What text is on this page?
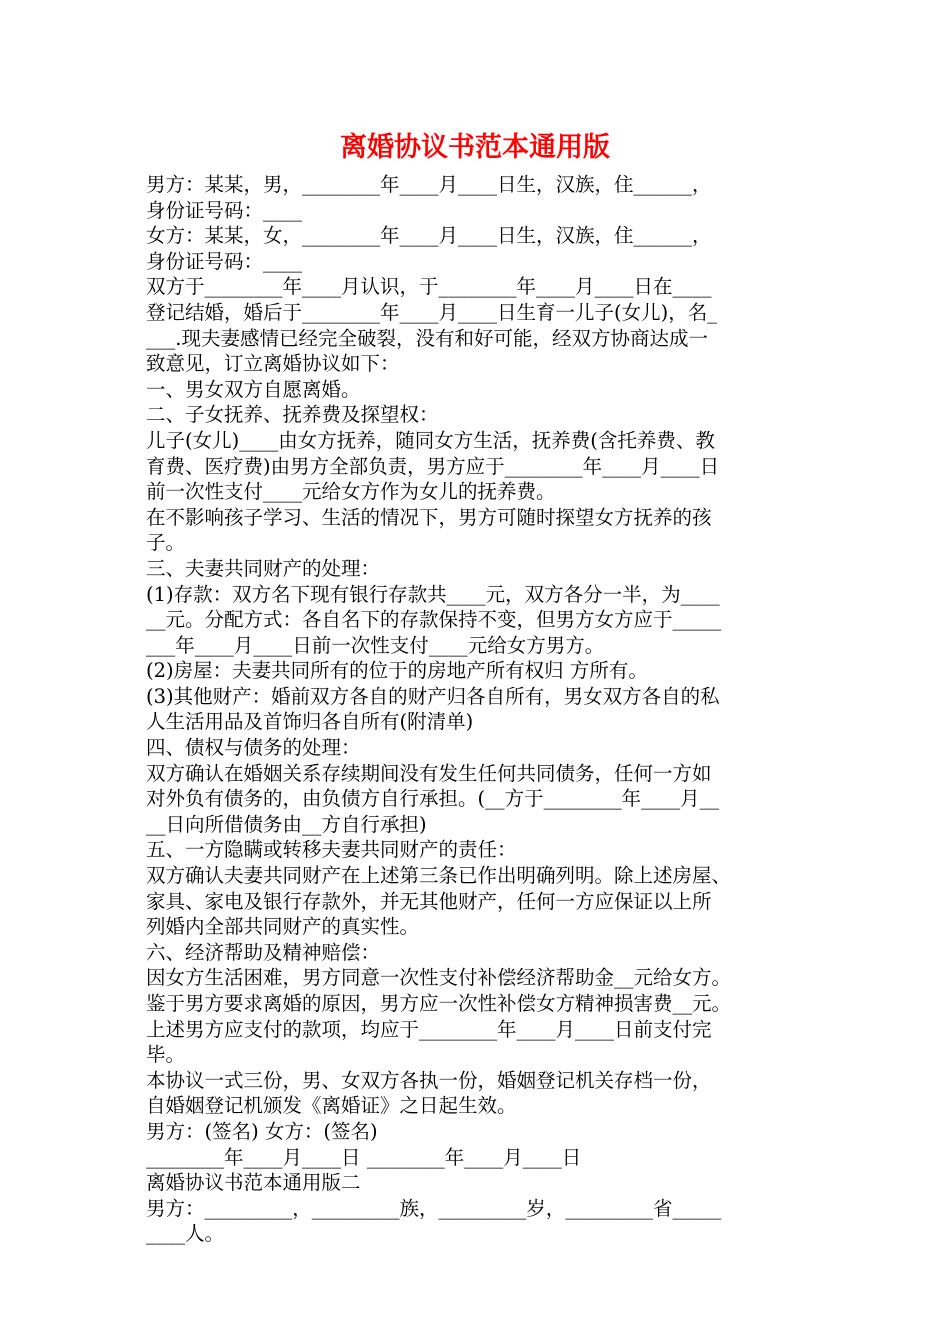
离婚协议书范本通用版
男方：某某，男，________年____月____日生，汉族，住______，
身份证号码：____
女方：某某，女，________年____月____日生，汉族，住______，
身份证号码：____
双方于________年____月认识，于________年____月____日在____
登记结婚，婚后于________年____月____日生育一儿子(女儿)，名_
___.现夫妻感情已经完全破裂，没有和好可能，经双方协商达成一
致意见，订立离婚协议如下：
一、男女双方自愿离婚。
二、子女抚养、抚养费及探望权：
儿子(女儿)____由女方抚养，随同女方生活，抚养费(含托养费、教
育费、医疗费)由男方全部负责，男方应于________年____月____日
前一次性支付____元给女方作为女儿的抚养费。
在不影响孩子学习、生活的情况下，男方可随时探望女方抚养的孩
子。
三、夫妻共同财产的处理：
(1)存款：双方名下现有银行存款共____元，双方各分一半，为____
__元。分配方式：各自名下的存款保持不变，但男方女方应于_____
___年____月____日前一次性支付____元给女方男方。
(2)房屋：夫妻共同所有的位于的房地产所有权归 方所有。
(3)其他财产：婚前双方各自的财产归各自所有，男女双方各自的私
人生活用品及首饰归各自所有(附清单)
四、债权与债务的处理：
双方确认在婚姻关系存续期间没有发生任何共同债务，任何一方如
对外负有债务的，由负债方自行承担。(__方于________年____月__
__日向所借债务由__方自行承担)
五、一方隐瞒或转移夫妻共同财产的责任：
双方确认夫妻共同财产在上述第三条已作出明确列明。除上述房屋、
家具、家电及银行存款外，并无其他财产，任何一方应保证以上所
列婚内全部共同财产的真实性。
六、经济帮助及精神赔偿：
因女方生活困难，男方同意一次性支付补偿经济帮助金__元给女方。
鉴于男方要求离婚的原因，男方应一次性补偿女方精神损害费__元。
上述男方应支付的款项，均应于________年____月____日前支付完
毕。
本协议一式三份，男、女双方各执一份，婚姻登记机关存档一份，
自婚姻登记机颁发《离婚证》之日起生效。
男方：(签名) 女方：(签名)
________年____月____日 ________年____月____日
离婚协议书范本通用版二
男方：_________，_________族，_________岁，_________省_____
____人。
